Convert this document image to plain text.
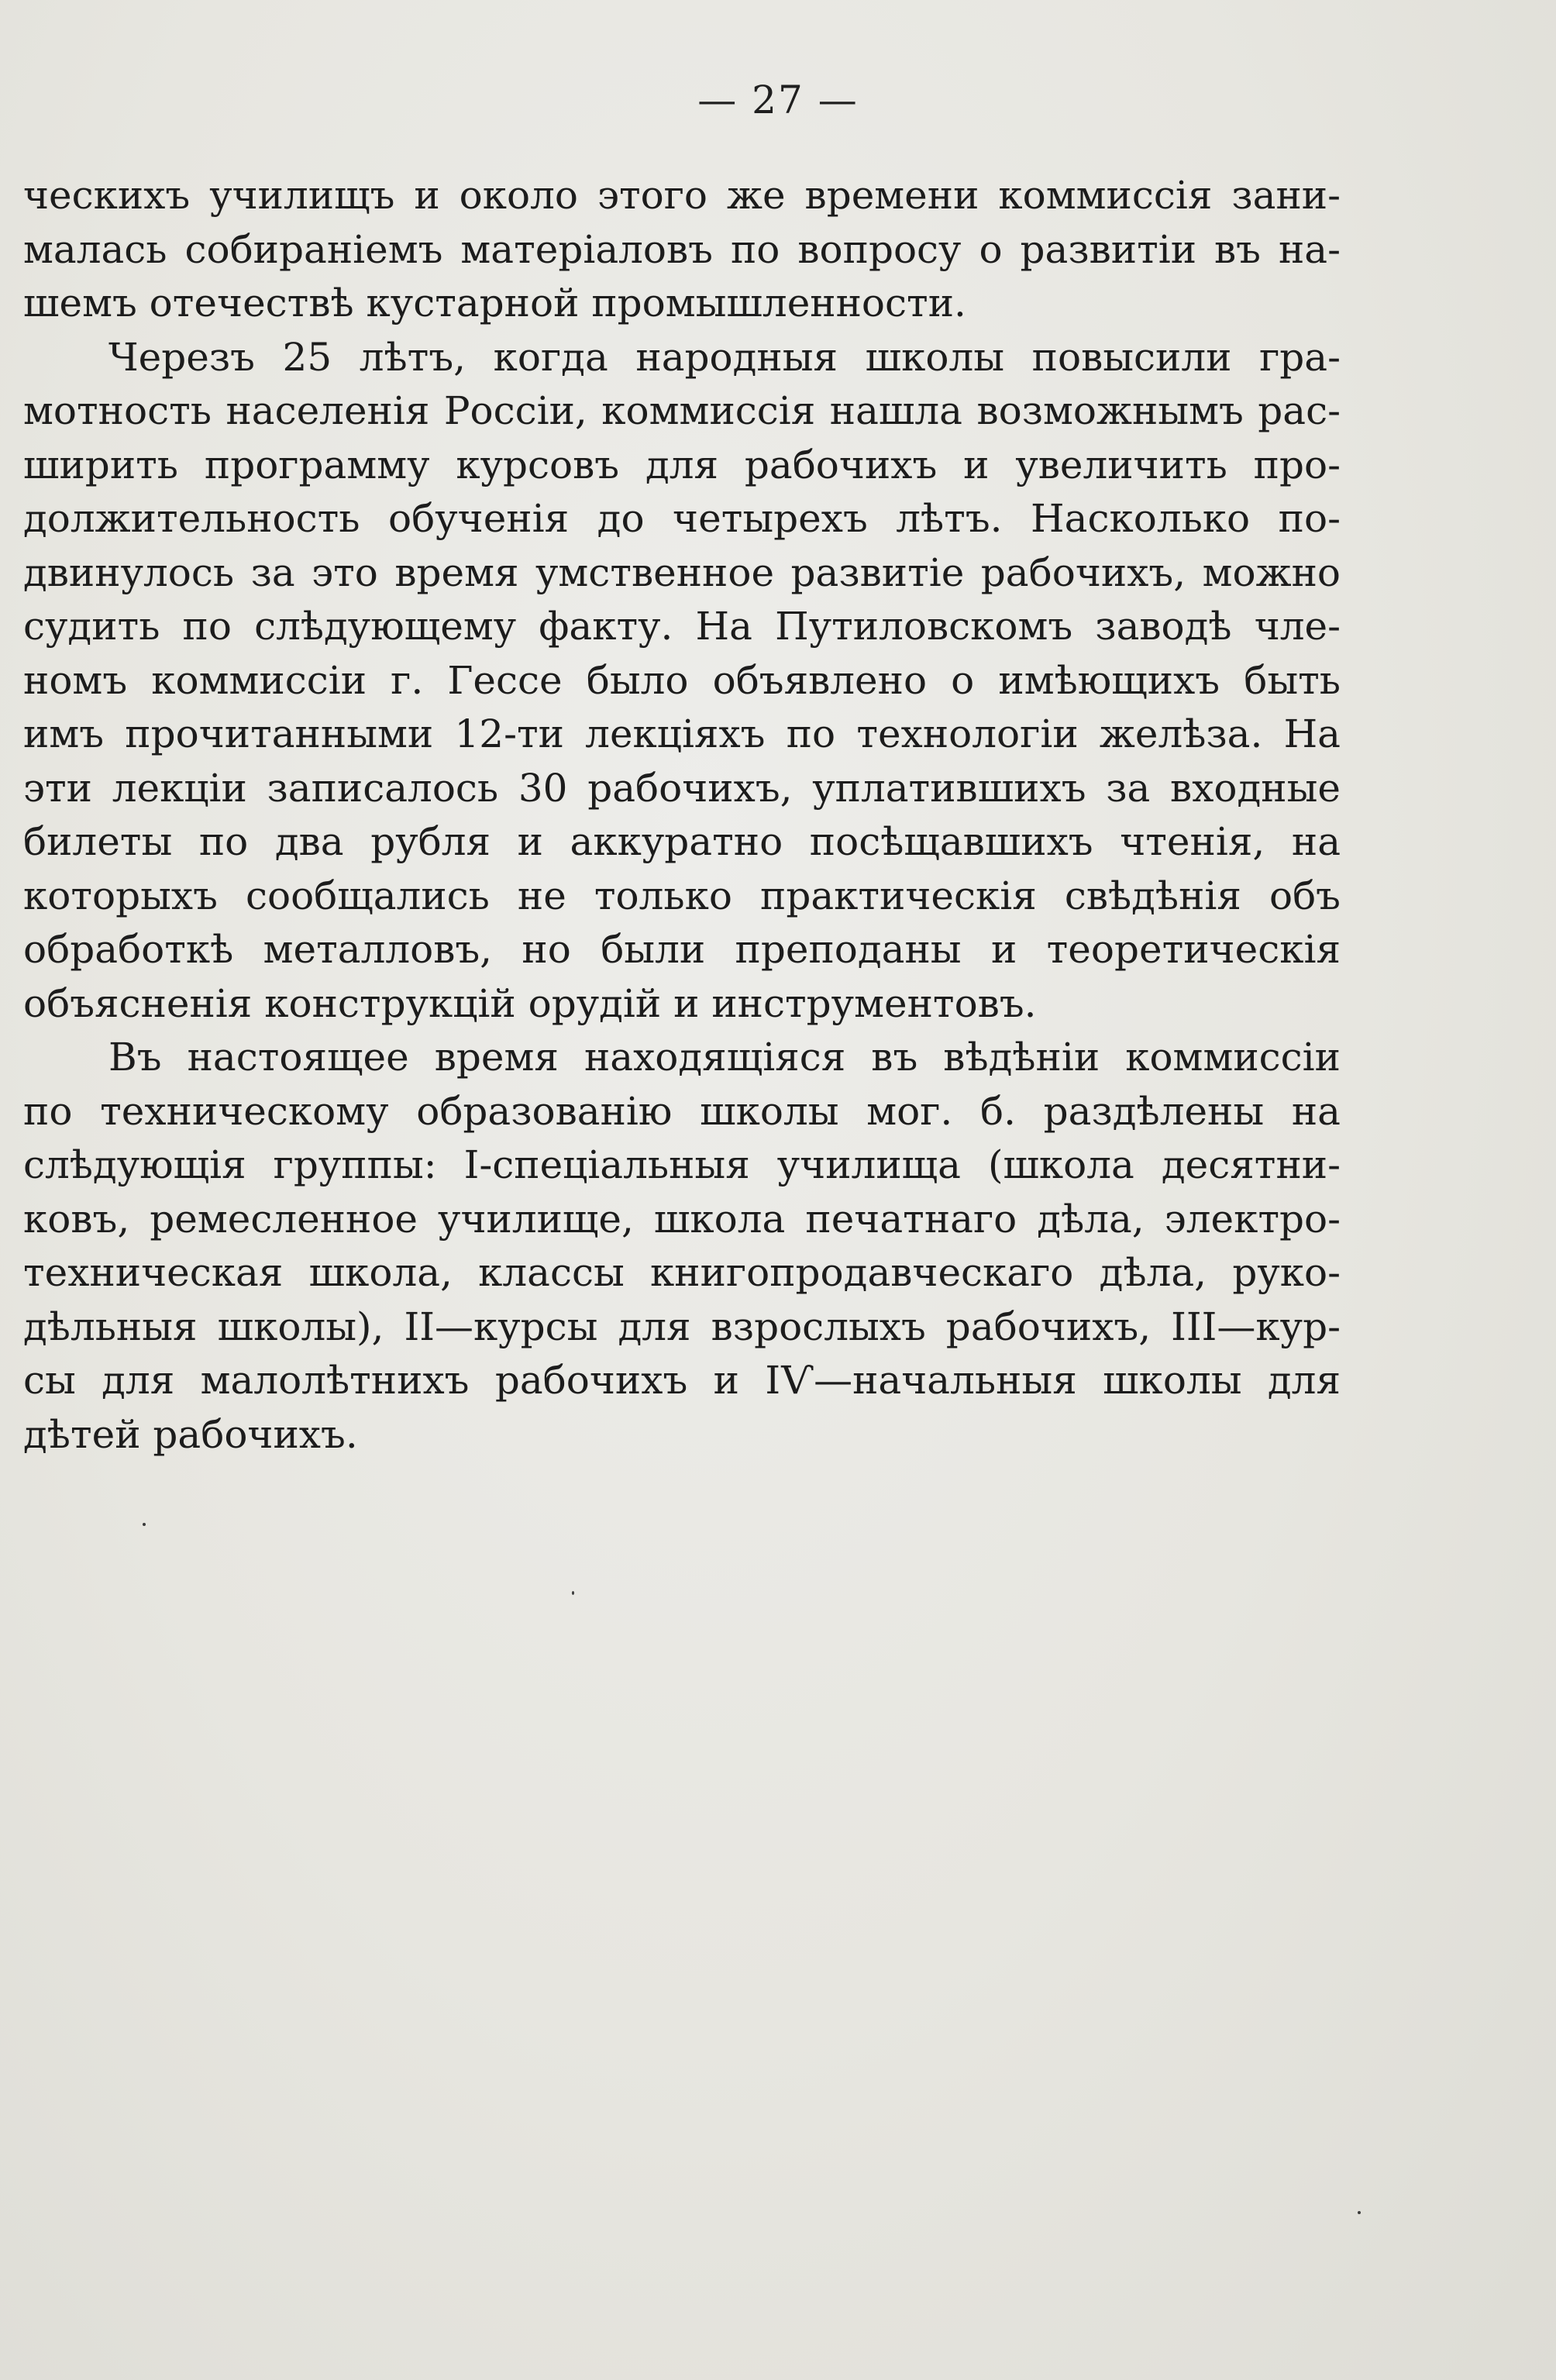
— 27 —

ческихъ училищъ и около этого же времени коммиссія зани-
малась собираніемъ матеріаловъ по вопросу о развитіи въ на-
шемъ отечествѣ кустарной промышленности.

Черезъ 25 лѣтъ, когда народныя школы повысили гра-
мотность населенія Россіи, коммиссія нашла возможнымъ рас-
ширить программу курсовъ для рабочихъ и увеличить про-
должительность обученія до четырехъ лѣтъ. Насколько по-
двинулось за это время умственное развитіе рабочихъ, можно
судить по слѣдующему факту. На Путиловскомъ заводѣ чле-
номъ коммиссіи г. Гессе было объявлено о имѣющихъ быть
имъ прочитанными 12-ти лекціяхъ по технологіи желѣза. На
эти лекціи записалось 30 рабочихъ, уплатившихъ за входные
билеты по два рубля и аккуратно посѣщавшихъ чтенія, на
которыхъ сообщались не только практическія свѣдѣнія объ
обработкѣ металловъ, но были преподаны и теоретическія
объясненія конструкцій орудій и инструментовъ.

Въ настоящее время находящіяся въ вѣдѣніи коммиссіи
по техническому образованію школы мог. б. раздѣлены на
слѣдующія группы: І-спеціальныя училища (школа десятни-
ковъ, ремесленное училище, школа печатнаго дѣла, электро-
техническая школа, классы книгопродавческаго дѣла, руко-
дѣльныя школы), ІІ—курсы для взрослыхъ рабочихъ, ІІІ—кур-
сы для малолѣтнихъ рабочихъ и ІѴ—начальныя школы для
дѣтей рабочихъ.
